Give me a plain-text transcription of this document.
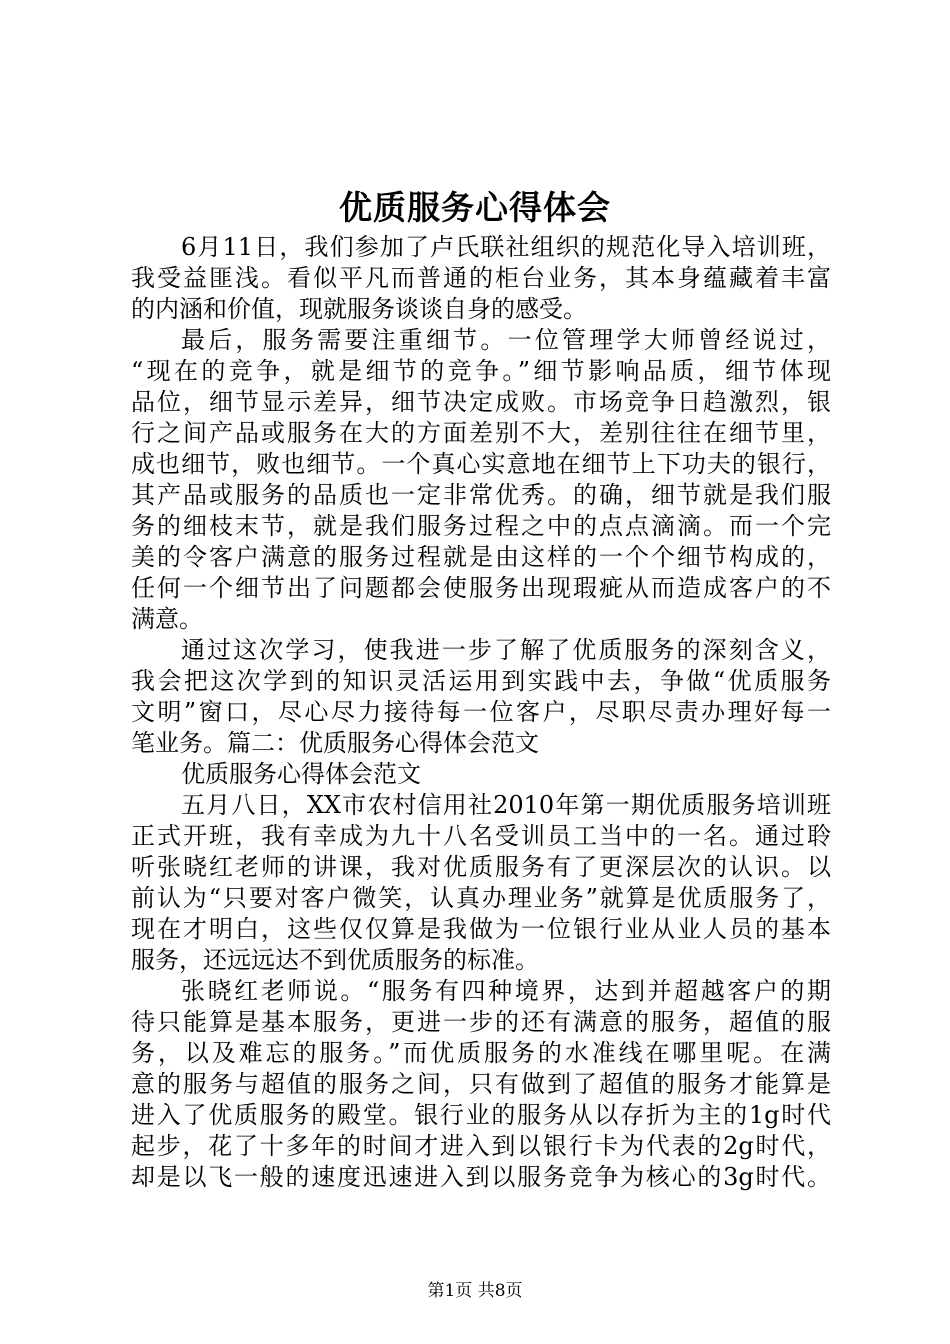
优质服务心得体会
6月11日，我们参加了卢氏联社组织的规范化导入培训班，
我受益匪浅。看似平凡而普通的柜台业务，其本身蕴藏着丰富
的内涵和价值，现就服务谈谈自身的感受。
最后，服务需要注重细节。一位管理学大师曾经说过，
“现在的竞争，就是细节的竞争。”细节影响品质，细节体现
品位，细节显示差异，细节决定成败。市场竞争日趋激烈，银
行之间产品或服务在大的方面差别不大，差别往往在细节里，
成也细节，败也细节。一个真心实意地在细节上下功夫的银行，
其产品或服务的品质也一定非常优秀。的确，细节就是我们服
务的细枝末节，就是我们服务过程之中的点点滴滴。而一个完
美的令客户满意的服务过程就是由这样的一个个细节构成的，
任何一个细节出了问题都会使服务出现瑕疵从而造成客户的不
满意。
通过这次学习，使我进一步了解了优质服务的深刻含义，
我会把这次学到的知识灵活运用到实践中去，争做“优质服务
文明”窗口，尽心尽力接待每一位客户，尽职尽责办理好每一
笔业务。篇二：优质服务心得体会范文
优质服务心得体会范文
五月八日，XX市农村信用社2010年第一期优质服务培训班
正式开班，我有幸成为九十八名受训员工当中的一名。通过聆
听张晓红老师的讲课，我对优质服务有了更深层次的认识。以
前认为“只要对客户微笑，认真办理业务”就算是优质服务了，
现在才明白，这些仅仅算是我做为一位银行业从业人员的基本
服务，还远远达不到优质服务的标准。
张晓红老师说。“服务有四种境界，达到并超越客户的期
待只能算是基本服务，更进一步的还有满意的服务，超值的服
务，以及难忘的服务。”而优质服务的水准线在哪里呢。在满
意的服务与超值的服务之间，只有做到了超值的服务才能算是
进入了优质服务的殿堂。银行业的服务从以存折为主的1g时代
起步，花了十多年的时间才进入到以银行卡为代表的2g时代，
却是以飞一般的速度迅速进入到以服务竞争为核心的3g时代。
第1页 共8页
